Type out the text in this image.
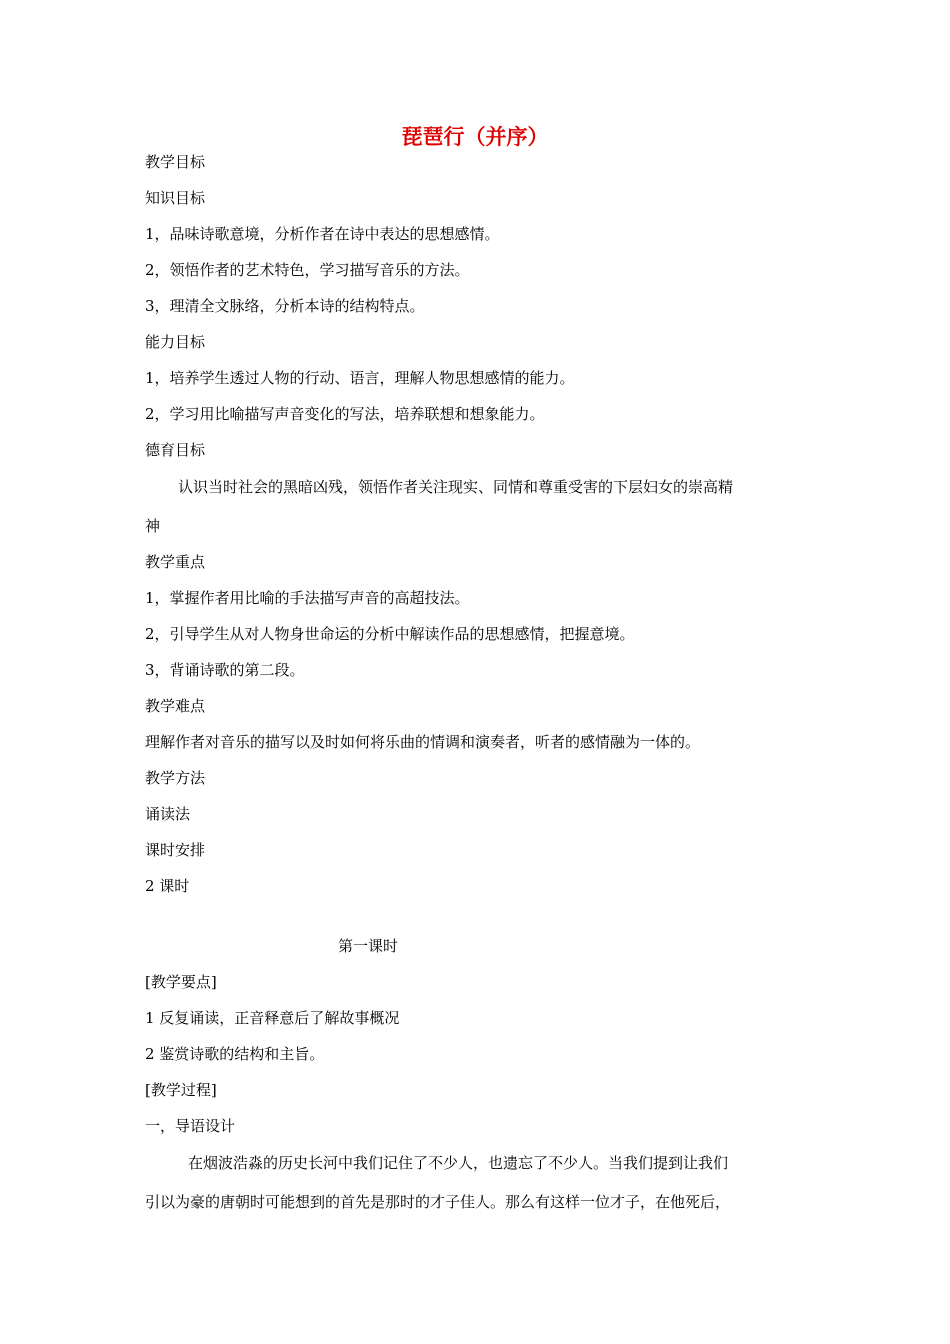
琵琶行（并序）
教学目标
知识目标
1，品味诗歌意境，分析作者在诗中表达的思想感情。
2，领悟作者的艺术特色，学习描写音乐的方法。
3，理清全文脉络，分析本诗的结构特点。
能力目标
1，培养学生透过人物的行动、语言，理解人物思想感情的能力。
2，学习用比喻描写声音变化的写法，培养联想和想象能力。
德育目标
认识当时社会的黑暗凶残，领悟作者关注现实、同情和尊重受害的下层妇女的崇高精
神
教学重点
1，掌握作者用比喻的手法描写声音的高超技法。
2，引导学生从对人物身世命运的分析中解读作品的思想感情，把握意境。
3，背诵诗歌的第二段。
教学难点
理解作者对音乐的描写以及时如何将乐曲的情调和演奏者，听者的感情融为一体的。
教学方法
诵读法
课时安排
2 课时
第一课时
[教学要点]
1 反复诵读，正音释意后了解故事概况
2 鉴赏诗歌的结构和主旨。
[教学过程]
一，导语设计
在烟波浩淼的历史长河中我们记住了不少人，也遗忘了不少人。当我们提到让我们
引以为豪的唐朝时可能想到的首先是那时的才子佳人。那么有这样一位才子，在他死后，
